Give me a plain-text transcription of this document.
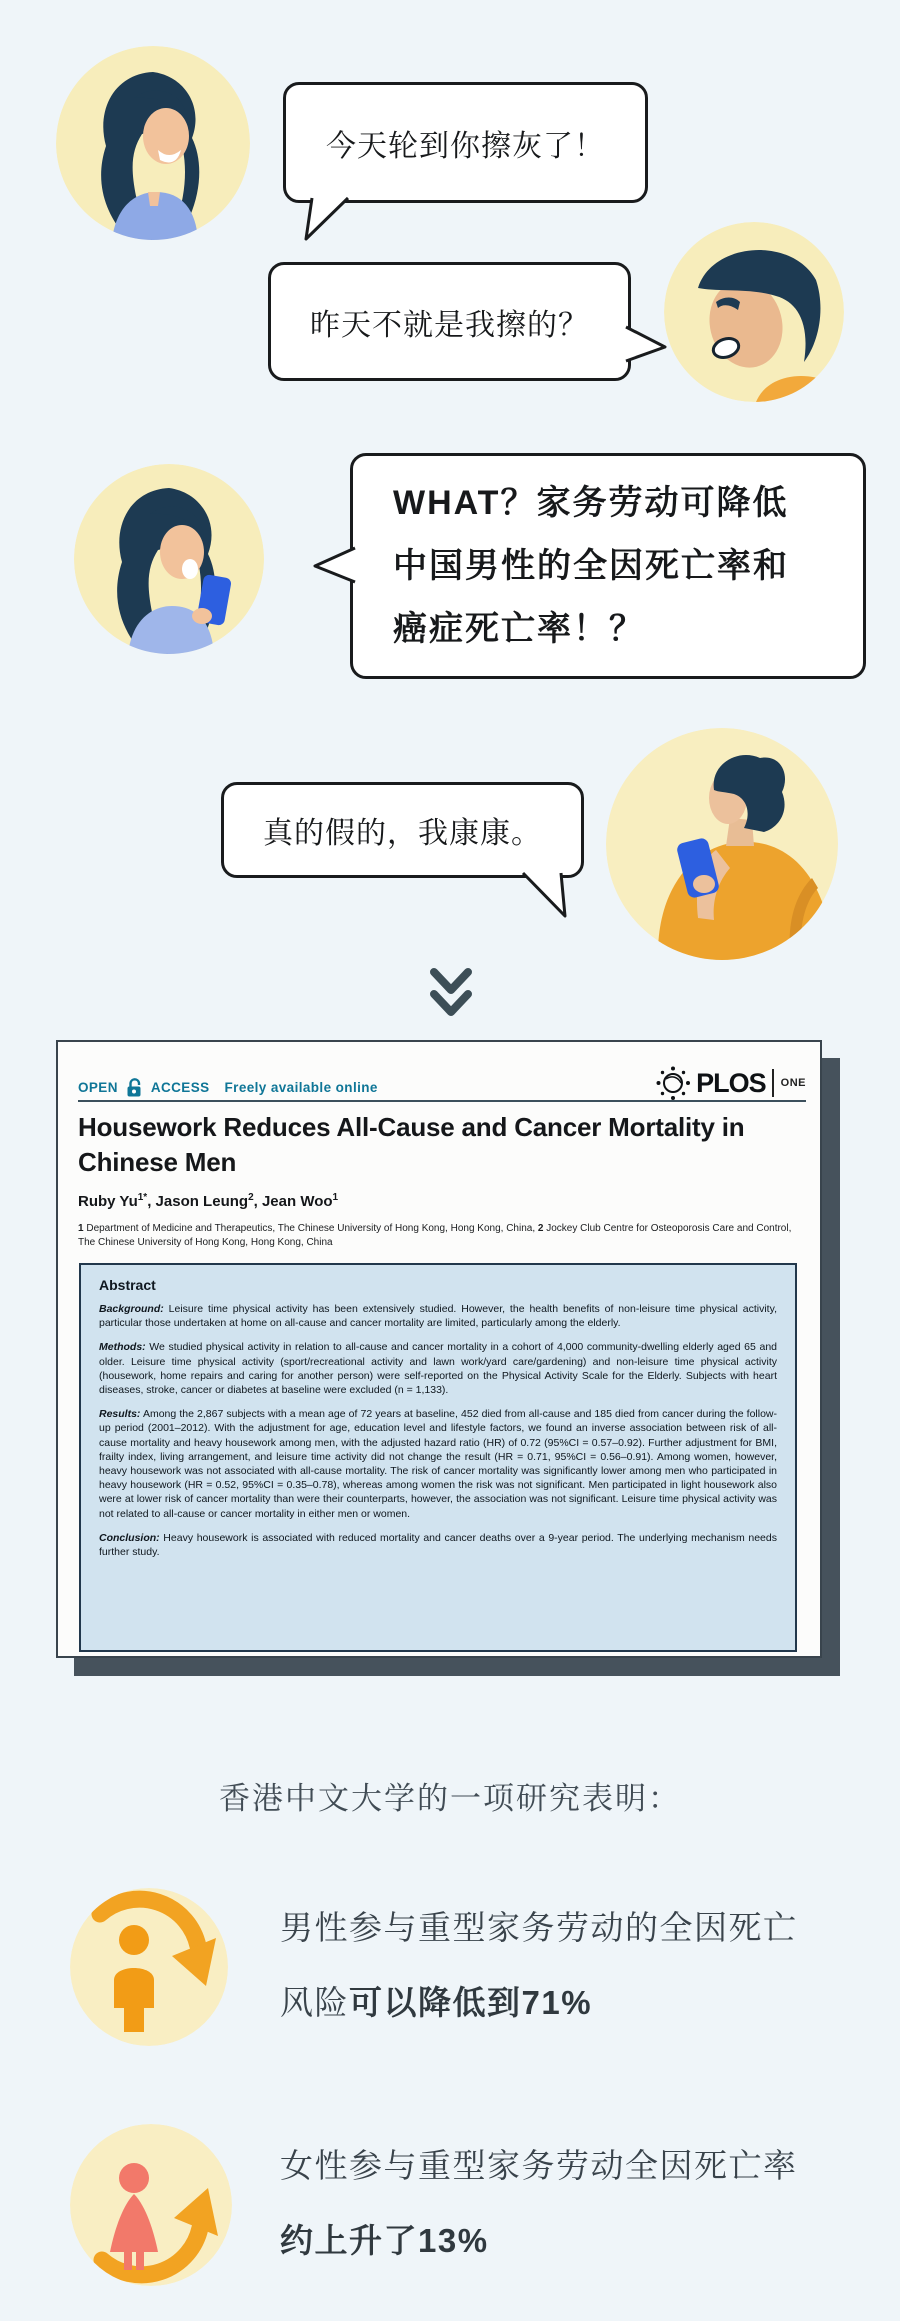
今天轮到你擦灰了！
昨天不就是我擦的？
WHAT？家务劳动可降低
中国男性的全因死亡率和
癌症死亡率！？
真的假的，我康康。
OPEN ACCESS Freely available online	PLOS ONE
Housework Reduces All-Cause and Cancer Mortality in
Chinese Men
Ruby $Yu^{1*}$, Jason Leung$^2$, Jean Woo$^1$
1 Department of Medicine and Therapeutics, The Chinese University of Hong Kong, Hong Kong, China, 2 Jockey Club Centre for Osteoporosis Care and Control, The Chinese University of Hong Kong, Hong Kong, China
Abstract

Background: Leisure time physical activity has been extensively studied. However, the health benefits of non-leisure time physical activity, particular those undertaken at home on all-cause and cancer mortality are limited, particularly among the elderly.

Methods: We studied physical activity in relation to all-cause and cancer mortality in a cohort of 4,000 community-dwelling elderly aged 65 and older. Leisure time physical activity (sport/recreational activity and lawn work/yard care/gardening) and non-leisure time physical activity (housework, home repairs and caring for another person) were self-reported on the Physical Activity Scale for the Elderly. Subjects with heart diseases, stroke, cancer or diabetes at baseline were excluded (n = 1,133).

Results: Among the 2,867 subjects with a mean age of 72 years at baseline, 452 died from all-cause and 185 died from cancer during the follow-up period (2001–2012). With the adjustment for age, education level and lifestyle factors, we found an inverse association between risk of all-cause mortality and heavy housework among men, with the adjusted hazard ratio (HR) of 0.72 (95%CI = 0.57–0.92). Further adjustment for BMI, frailty index, living arrangement, and leisure time activity did not change the result (HR = 0.71, 95%CI = 0.56–0.91). Among women, however, heavy housework was not associated with all-cause mortality. The risk of cancer mortality was significantly lower among men who participated in heavy housework (HR = 0.52, 95%CI = 0.35–0.78), whereas among women the risk was not significant. Men participated in light housework also were at lower risk of cancer mortality than were their counterparts, however, the association was not significant. Leisure time physical activity was not related to all-cause or cancer mortality in either men or women.

Conclusion: Heavy housework is associated with reduced mortality and cancer deaths over a 9-year period. The underlying mechanism needs further study.

香港中文大学的一项研究表明：
男性参与重型家务劳动的全因死亡
风险可以降低到71%
女性参与重型家务劳动全因死亡率
约上升了13%
